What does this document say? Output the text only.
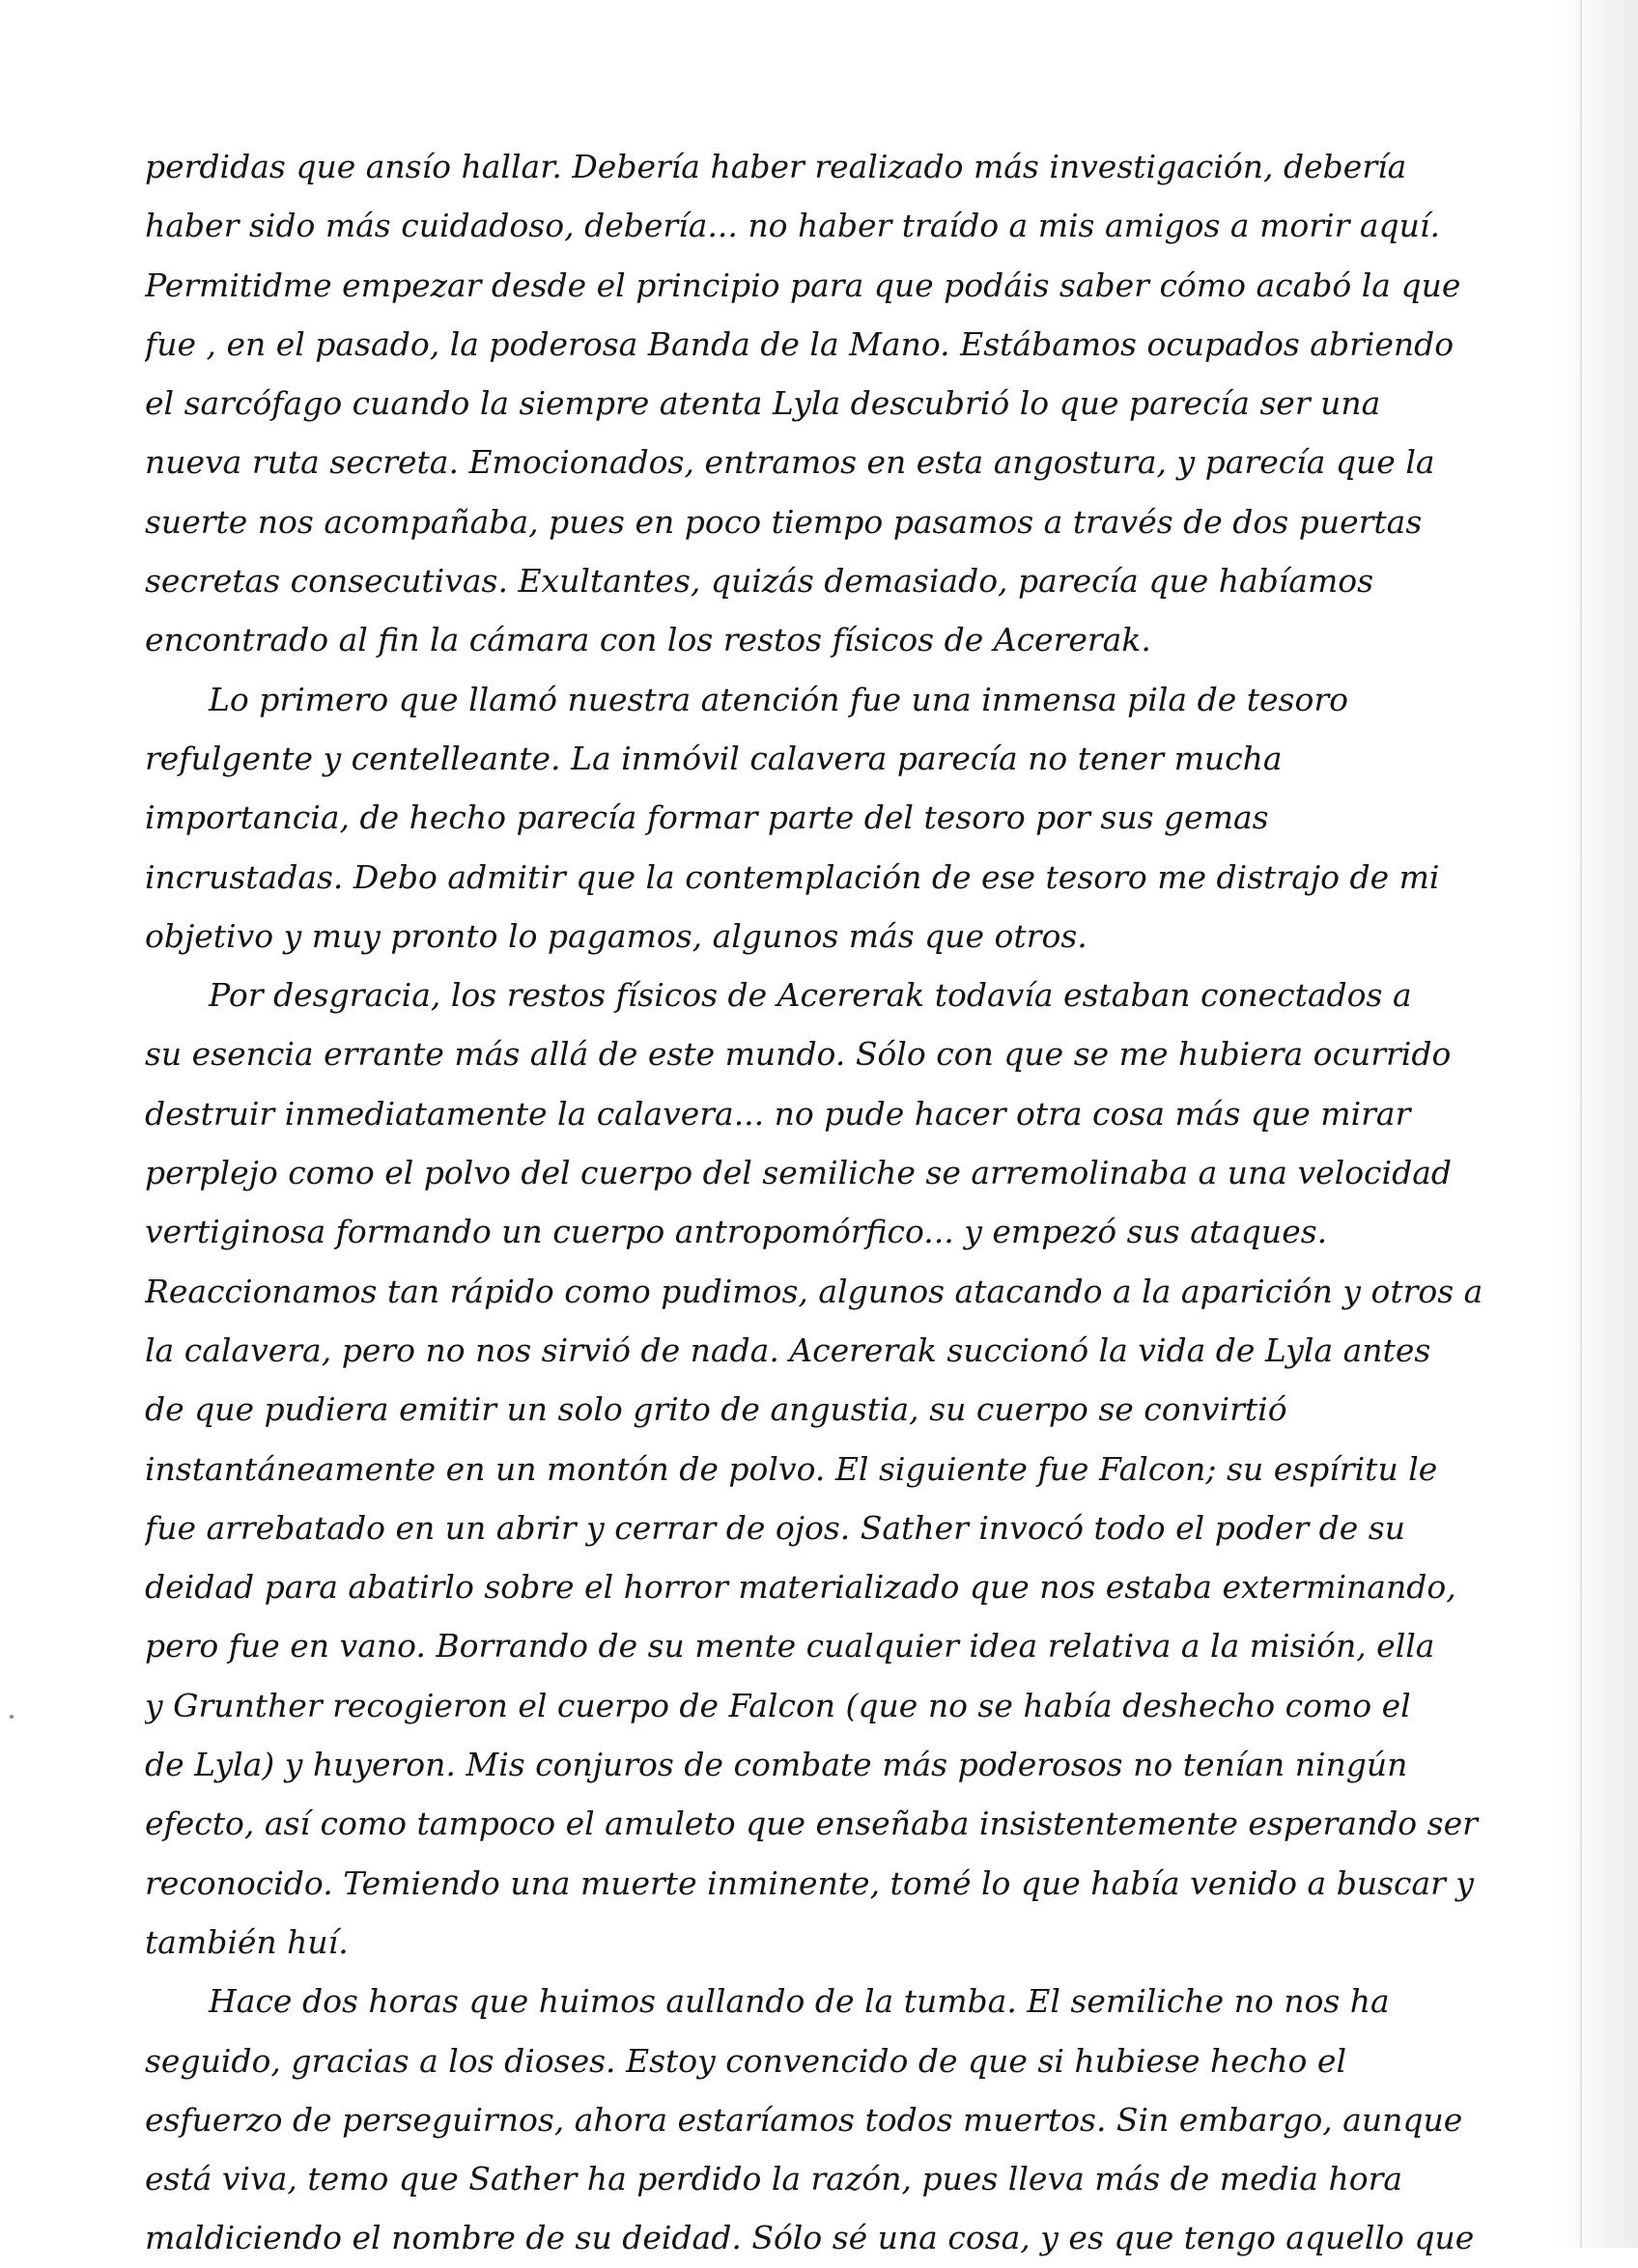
perdidas que ansío hallar. Debería haber realizado más investigación, debería
haber sido más cuidadoso, debería... no haber traído a mis amigos a morir aquí.
Permitidme empezar desde el principio para que podáis saber cómo acabó la que
fue , en el pasado, la poderosa Banda de la Mano. Estábamos ocupados abriendo
el sarcófago cuando la siempre atenta Lyla descubrió lo que parecía ser una
nueva ruta secreta. Emocionados, entramos en esta angostura, y parecía que la
suerte nos acompañaba, pues en poco tiempo pasamos a través de dos puertas
secretas consecutivas. Exultantes, quizás demasiado, parecía que habíamos
encontrado al fin la cámara con los restos físicos de Acererak.
Lo primero que llamó nuestra atención fue una inmensa pila de tesoro
refulgente y centelleante. La inmóvil calavera parecía no tener mucha
importancia, de hecho parecía formar parte del tesoro por sus gemas
incrustadas. Debo admitir que la contemplación de ese tesoro me distrajo de mi
objetivo y muy pronto lo pagamos, algunos más que otros.
Por desgracia, los restos físicos de Acererak todavía estaban conectados a
su esencia errante más allá de este mundo. Sólo con que se me hubiera ocurrido
destruir inmediatamente la calavera... no pude hacer otra cosa más que mirar
perplejo como el polvo del cuerpo del semiliche se arremolinaba a una velocidad
vertiginosa formando un cuerpo antropomórfico... y empezó sus ataques.
Reaccionamos tan rápido como pudimos, algunos atacando a la aparición y otros a
la calavera, pero no nos sirvió de nada. Acererak succionó la vida de Lyla antes
de que pudiera emitir un solo grito de angustia, su cuerpo se convirtió
instantáneamente en un montón de polvo. El siguiente fue Falcon; su espíritu le
fue arrebatado en un abrir y cerrar de ojos. Sather invocó todo el poder de su
deidad para abatirlo sobre el horror materializado que nos estaba exterminando,
pero fue en vano. Borrando de su mente cualquier idea relativa a la misión, ella
y Grunther recogieron el cuerpo de Falcon (que no se había deshecho como el
de Lyla) y huyeron. Mis conjuros de combate más poderosos no tenían ningún
efecto, así como tampoco el amuleto que enseñaba insistentemente esperando ser
reconocido. Temiendo una muerte inminente, tomé lo que había venido a buscar y
también huí.
Hace dos horas que huimos aullando de la tumba. El semiliche no nos ha
seguido, gracias a los dioses. Estoy convencido de que si hubiese hecho el
esfuerzo de perseguirnos, ahora estaríamos todos muertos. Sin embargo, aunque
está viva, temo que Sather ha perdido la razón, pues lleva más de media hora
maldiciendo el nombre de su deidad. Sólo sé una cosa, y es que tengo aquello que
